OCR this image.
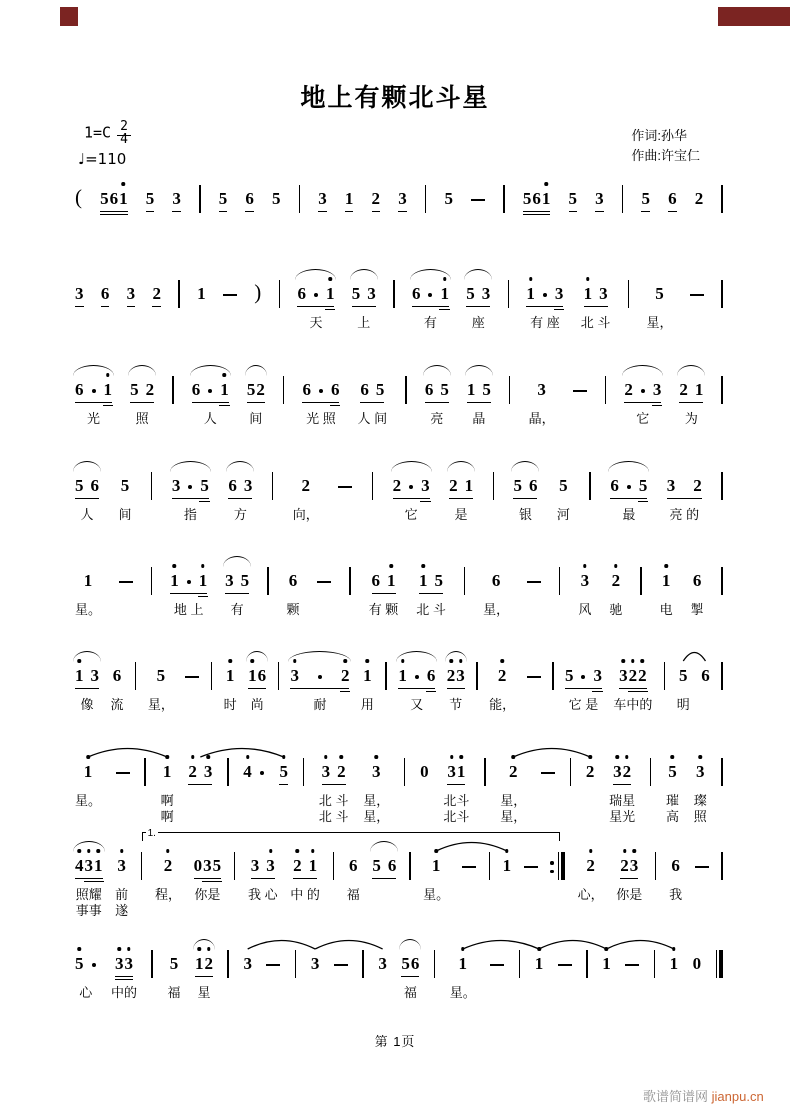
地上有颗北斗星
1=C 2
4
♩=110
作词:孙华
作曲:许宝仁
( 5 6 1 5 3 5 6 5 3 1 2 3 5	5 6 1 5 3 5 6 2
3 6 3 2 1 ) 6 1
天
5 3
上
6 1
有
5 3
座
1 3
有 座
1 3
北 斗
5
星，
6 1
光
5 2
照
6 1
人
5 2
间
6 6
光 照
6 5
人 间
6 5
亮
1 5
晶
3
晶，
2 3
它
2 1
为
5 6
人
5
间
3 5
指
6 3
方
2
向，
2 3
它
2 1
是
5 6
银
5
河
6 5
最
3 2
亮 的
1
星。
1 1
地 上
3 5
有
6
颗
6 1
有 颗
1 5
北 斗
6
星，
3
风
2
驰
1
电
6
掣
1 3
像
6
流
5
星，
1
时
1 6
尚
3 2
耐
1
用
1 6
又
2 3
节
2
能，
5 3
它 是
3 2 2
车中的
5
明
6
1
星。
1
啊
啊
2 3 4 5 3 2
北 斗
北 斗
3
星，
星，
0 3 1
北斗
北斗
2
星，
星，
2 3 2
瑞星
星光
5
璀
高
3
璨
照
4 3 1
照耀
事事
3
前
遂
2
程，
0 3 5
你是
3 3
我 心
2 1
中 的
6
福
5 6 1
星。
1	2
心，
2 3
你是
6
我
1.
5
心
3 3
中的
5
福
1 2
星
3	3	3 5 6
福
1
星。
1	1	1 0
第 1页
歌谱简谱网 jianpu.cn
